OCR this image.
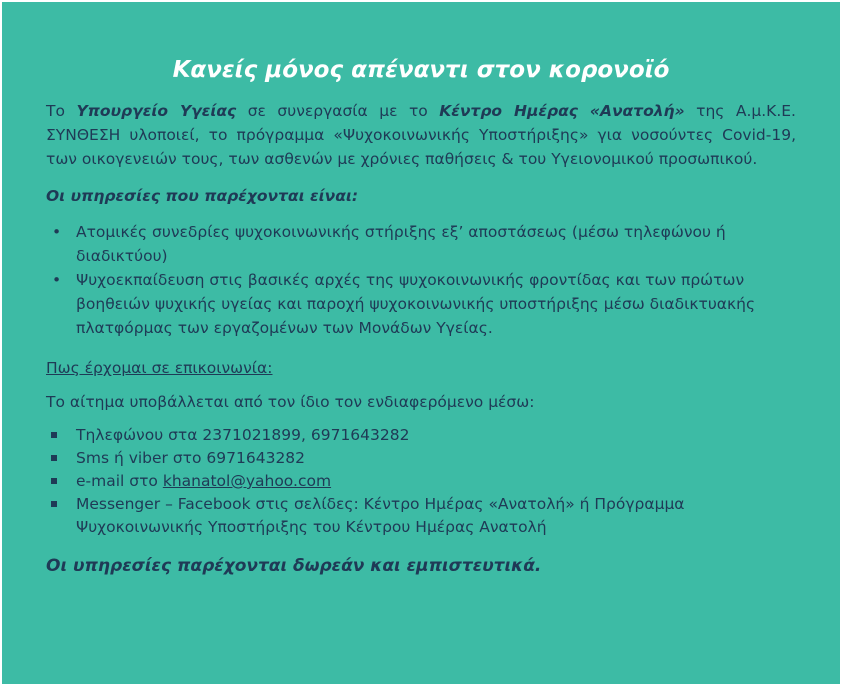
Κανείς μόνος απέναντι στον κορονοϊό

Το Υπουργείο Υγείας σε συνεργασία με το Κέντρο Ημέρας «Ανατολή» της Α.μ.Κ.Ε. ΣΥΝΘΕΣΗ υλοποιεί, το πρόγραμμα «Ψυχοκοινωνικής Υποστήριξης» για νοσούντες Covid-19, των οικογενειών τους, των ασθενών με χρόνιες παθήσεις & του Υγειονομικού προσωπικού.

Οι υπηρεσίες που παρέχονται είναι:

• Ατομικές συνεδρίες ψυχοκοινωνικής στήριξης εξ’ αποστάσεως (μέσω τηλεφώνου ή διαδικτύου)
• Ψυχοεκπαίδευση στις βασικές αρχές της ψυχοκοινωνικής φροντίδας και των πρώτων βοηθειών ψυχικής υγείας και παροχή ψυχοκοινωνικής υποστήριξης μέσω διαδικτυακής πλατφόρμας των εργαζομένων των Μονάδων Υγείας.

Πως έρχομαι σε επικοινωνία:

Το αίτημα υποβάλλεται από τον ίδιο τον ενδιαφερόμενο μέσω:

Τηλεφώνου στα 2371021899, 6971643282
Sms ή viber στο 6971643282
e-mail στο khanatol@yahoo.com
Messenger – Facebook στις σελίδες: Κέντρο Ημέρας «Ανατολή» ή Πρόγραμμα Ψυχοκοινωνικής Υποστήριξης του Κέντρου Ημέρας Ανατολή

Οι υπηρεσίες παρέχονται δωρεάν και εμπιστευτικά.
